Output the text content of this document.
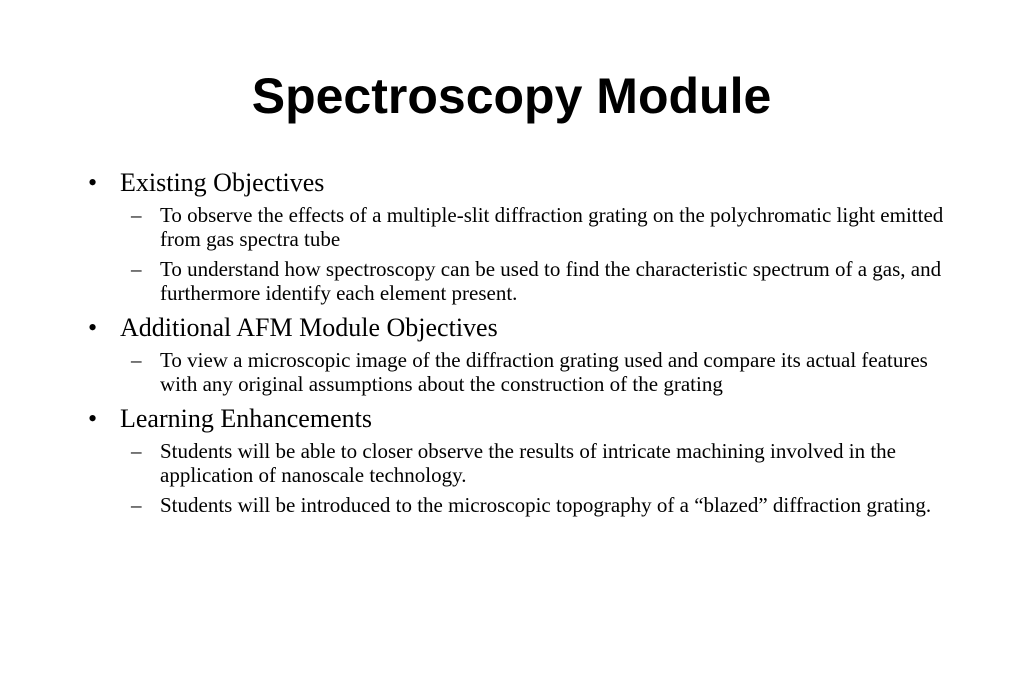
Spectroscopy Module
• Existing Objectives
– To observe the effects of a multiple-slit diffraction grating on the polychromatic light emitted from gas spectra tube
– To understand how spectroscopy can be used to find the characteristic spectrum of a gas, and furthermore identify each element present.
• Additional AFM Module Objectives
– To view a microscopic image of the diffraction grating used and compare its actual features with any original assumptions about the construction of the grating
• Learning Enhancements
– Students will be able to closer observe the results of intricate machining involved in the application of nanoscale technology.
– Students will be introduced to the microscopic topography of a “blazed” diffraction grating.
